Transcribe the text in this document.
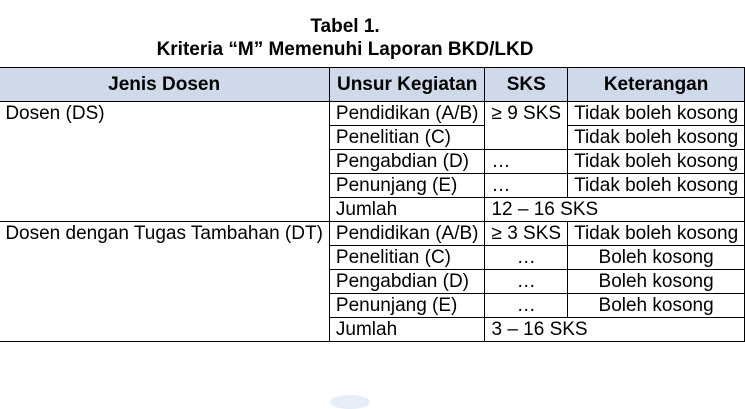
Tabel 1.
Kriteria “M” Memenuhi Laporan BKD/LKD
	Jenis Dosen	Unsur Kegiatan	SKS	Keterangan
	Dosen (DS)	Pendidikan (A/B)	≥ 9 SKS	Tidak boleh kosong
		Penelitian (C)		Tidak boleh kosong
		Pengabdian (D)	…	Tidak boleh kosong
		Penunjang (E)	…	Tidak boleh kosong
		Jumlah	12 – 16 SKS	
	Dosen dengan Tugas Tambahan (DT)	Pendidikan (A/B)	≥ 3 SKS	Tidak boleh kosong
		Penelitian (C)	…	Boleh kosong
		Pengabdian (D)	…	Boleh kosong
		Penunjang (E)	…	Boleh kosong
		Jumlah	3 – 16 SKS	
